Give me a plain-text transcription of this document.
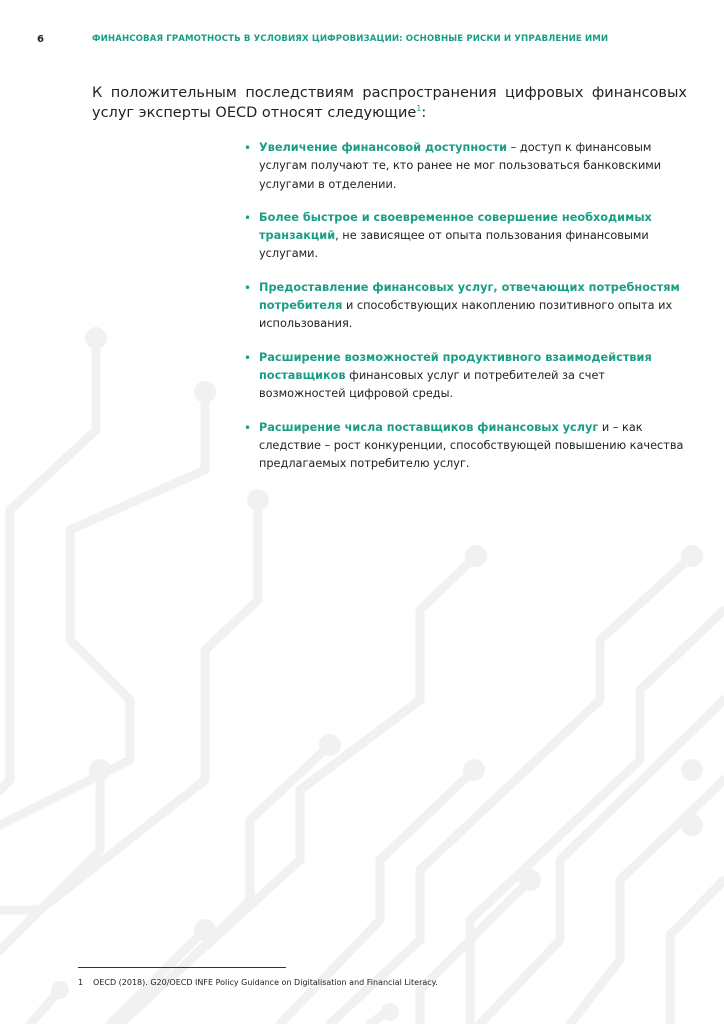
6	ФИНАНСОВАЯ ГРАМОТНОСТЬ В УСЛОВИЯХ ЦИФРОВИЗАЦИИ: ОСНОВНЫЕ РИСКИ И УПРАВЛЕНИЕ ИМИ

К положительным последствиям распространения цифровых финансовых услуг эксперты OECD относят следующие$^1$:

• Увеличение финансовой доступности – доступ к финансовым услугам получают те, кто ранее не мог пользоваться банковскими услугами в отделении.
• Более быстрое и своевременное совершение необходимых транзакций, не зависящее от опыта пользования финансовыми услугами.
• Предоставление финансовых услуг, отвечающих потребностям потребителя и способствующих накоплению позитивного опыта их использования.
• Расширение возможностей продуктивного взаимодействия поставщиков финансовых услуг и потребителей за счет возможностей цифровой среды.
• Расширение числа поставщиков финансовых услуг и – как следствие – рост конкуренции, способствующей повышению качества предлагаемых потребителю услуг.
1 OECD (2018). G20/OECD INFE Policy Guidance on Digitalisation and Financial Literacy.
